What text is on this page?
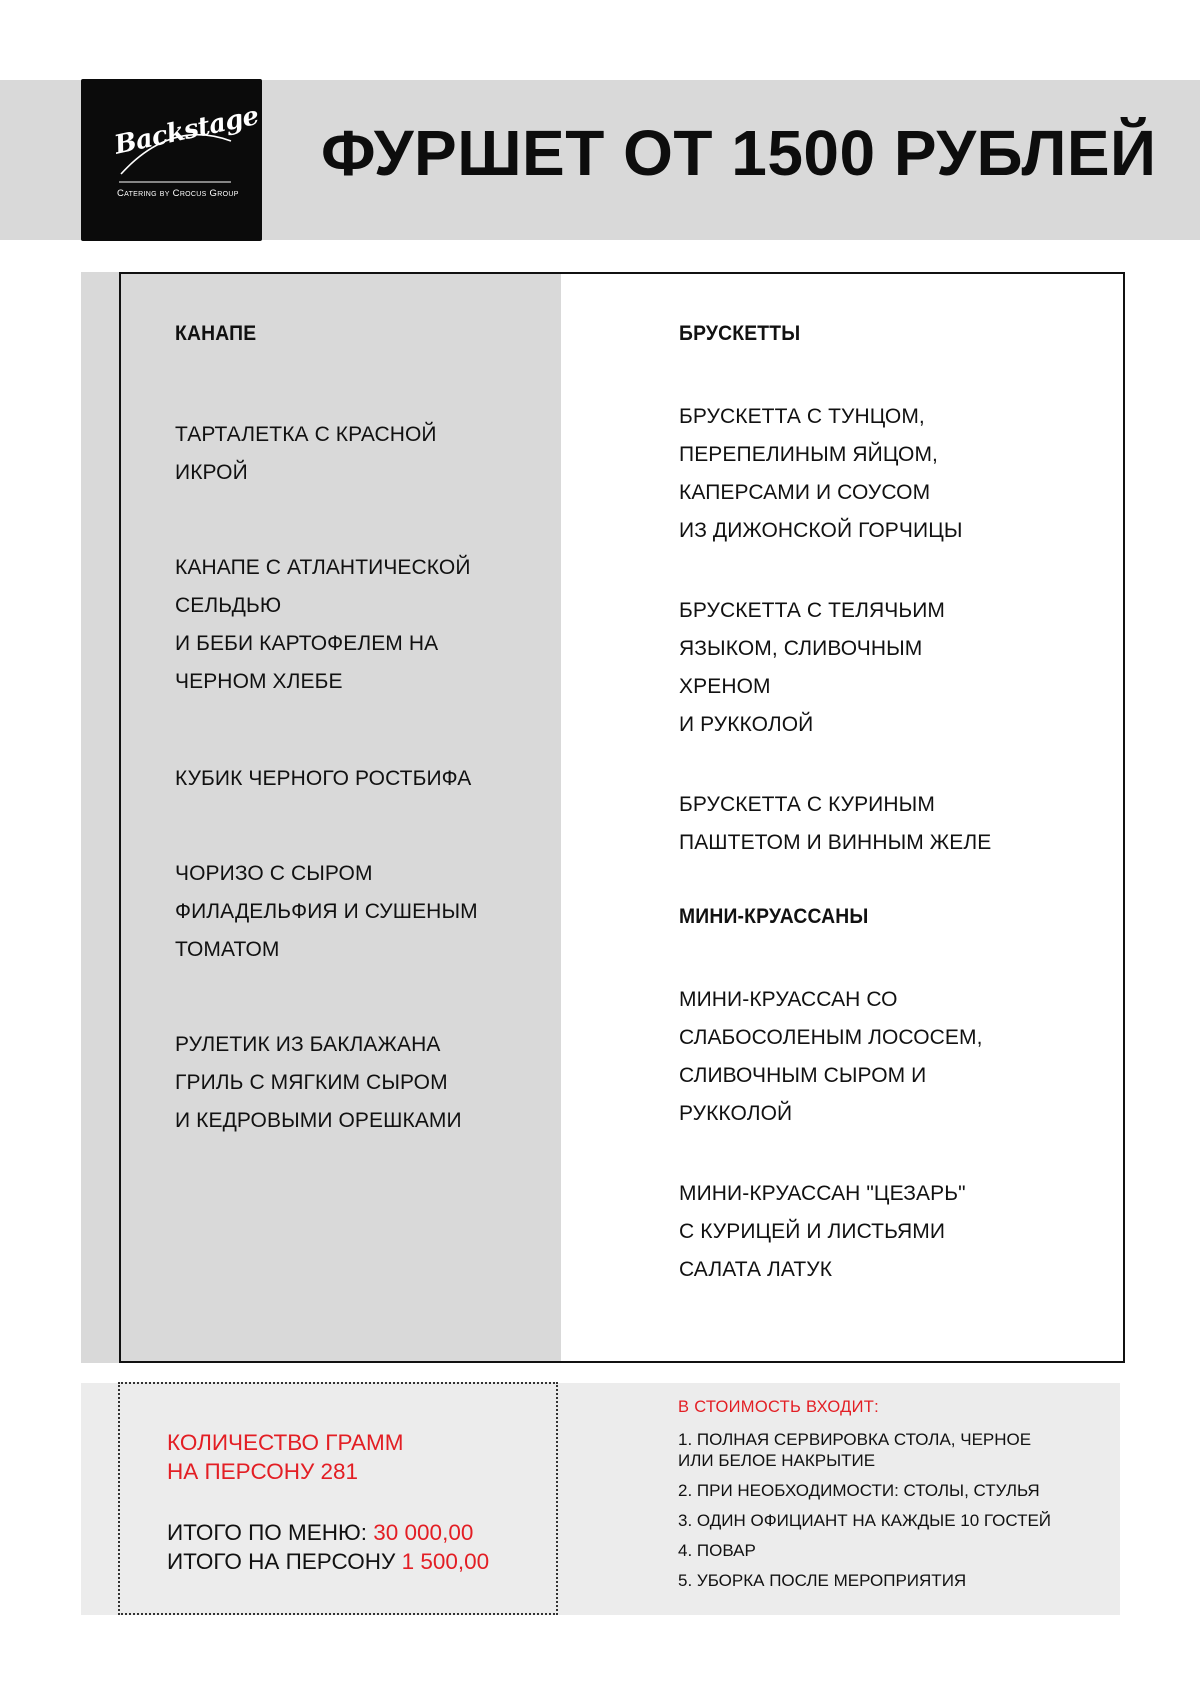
Backstage
Catering by Crocus Group
ФУРШЕТ ОТ 1500 РУБЛЕЙ
КАНАПЕ
ТАРТАЛЕТКА С КРАСНОЙ
ИКРОЙ
КАНАПЕ С АТЛАНТИЧЕСКОЙ
СЕЛЬДЬЮ
И БЕБИ КАРТОФЕЛЕМ НА
ЧЕРНОМ ХЛЕБЕ
КУБИК ЧЕРНОГО РОСТБИФА
ЧОРИЗО С СЫРОМ
ФИЛАДЕЛЬФИЯ И СУШЕНЫМ
ТОМАТОМ
РУЛЕТИК ИЗ БАКЛАЖАНА
ГРИЛЬ С МЯГКИМ СЫРОМ
И КЕДРОВЫМИ ОРЕШКАМИ
БРУСКЕТТЫ
БРУСКЕТТА С ТУНЦОМ,
ПЕРЕПЕЛИНЫМ ЯЙЦОМ,
КАПЕРСАМИ И СОУСОМ
ИЗ ДИЖОНСКОЙ ГОРЧИЦЫ
БРУСКЕТТА С ТЕЛЯЧЬИМ
ЯЗЫКОМ, СЛИВОЧНЫМ
ХРЕНОМ
И РУККОЛОЙ
БРУСКЕТТА С КУРИНЫМ
ПАШТЕТОМ И ВИННЫМ ЖЕЛЕ
МИНИ-КРУАССАНЫ
МИНИ-КРУАССАН СО
СЛАБОСОЛЕНЫМ ЛОСОСЕМ,
СЛИВОЧНЫМ СЫРОМ И
РУККОЛОЙ
МИНИ-КРУАССАН "ЦЕЗАРЬ"
С КУРИЦЕЙ И ЛИСТЬЯМИ
САЛАТА ЛАТУК
КОЛИЧЕСТВО ГРАММ
НА ПЕРСОНУ 281
ИТОГО ПО МЕНЮ: 30 000,00
ИТОГО НА ПЕРСОНУ 1 500,00
В СТОИМОСТЬ ВХОДИТ:
1. ПОЛНАЯ СЕРВИРОВКА СТОЛА, ЧЕРНОЕ
ИЛИ БЕЛОЕ НАКРЫТИЕ
2. ПРИ НЕОБХОДИМОСТИ: СТОЛЫ, СТУЛЬЯ
3. ОДИН ОФИЦИАНТ НА КАЖДЫЕ 10 ГОСТЕЙ
4. ПОВАР
5. УБОРКА ПОСЛЕ МЕРОПРИЯТИЯ
